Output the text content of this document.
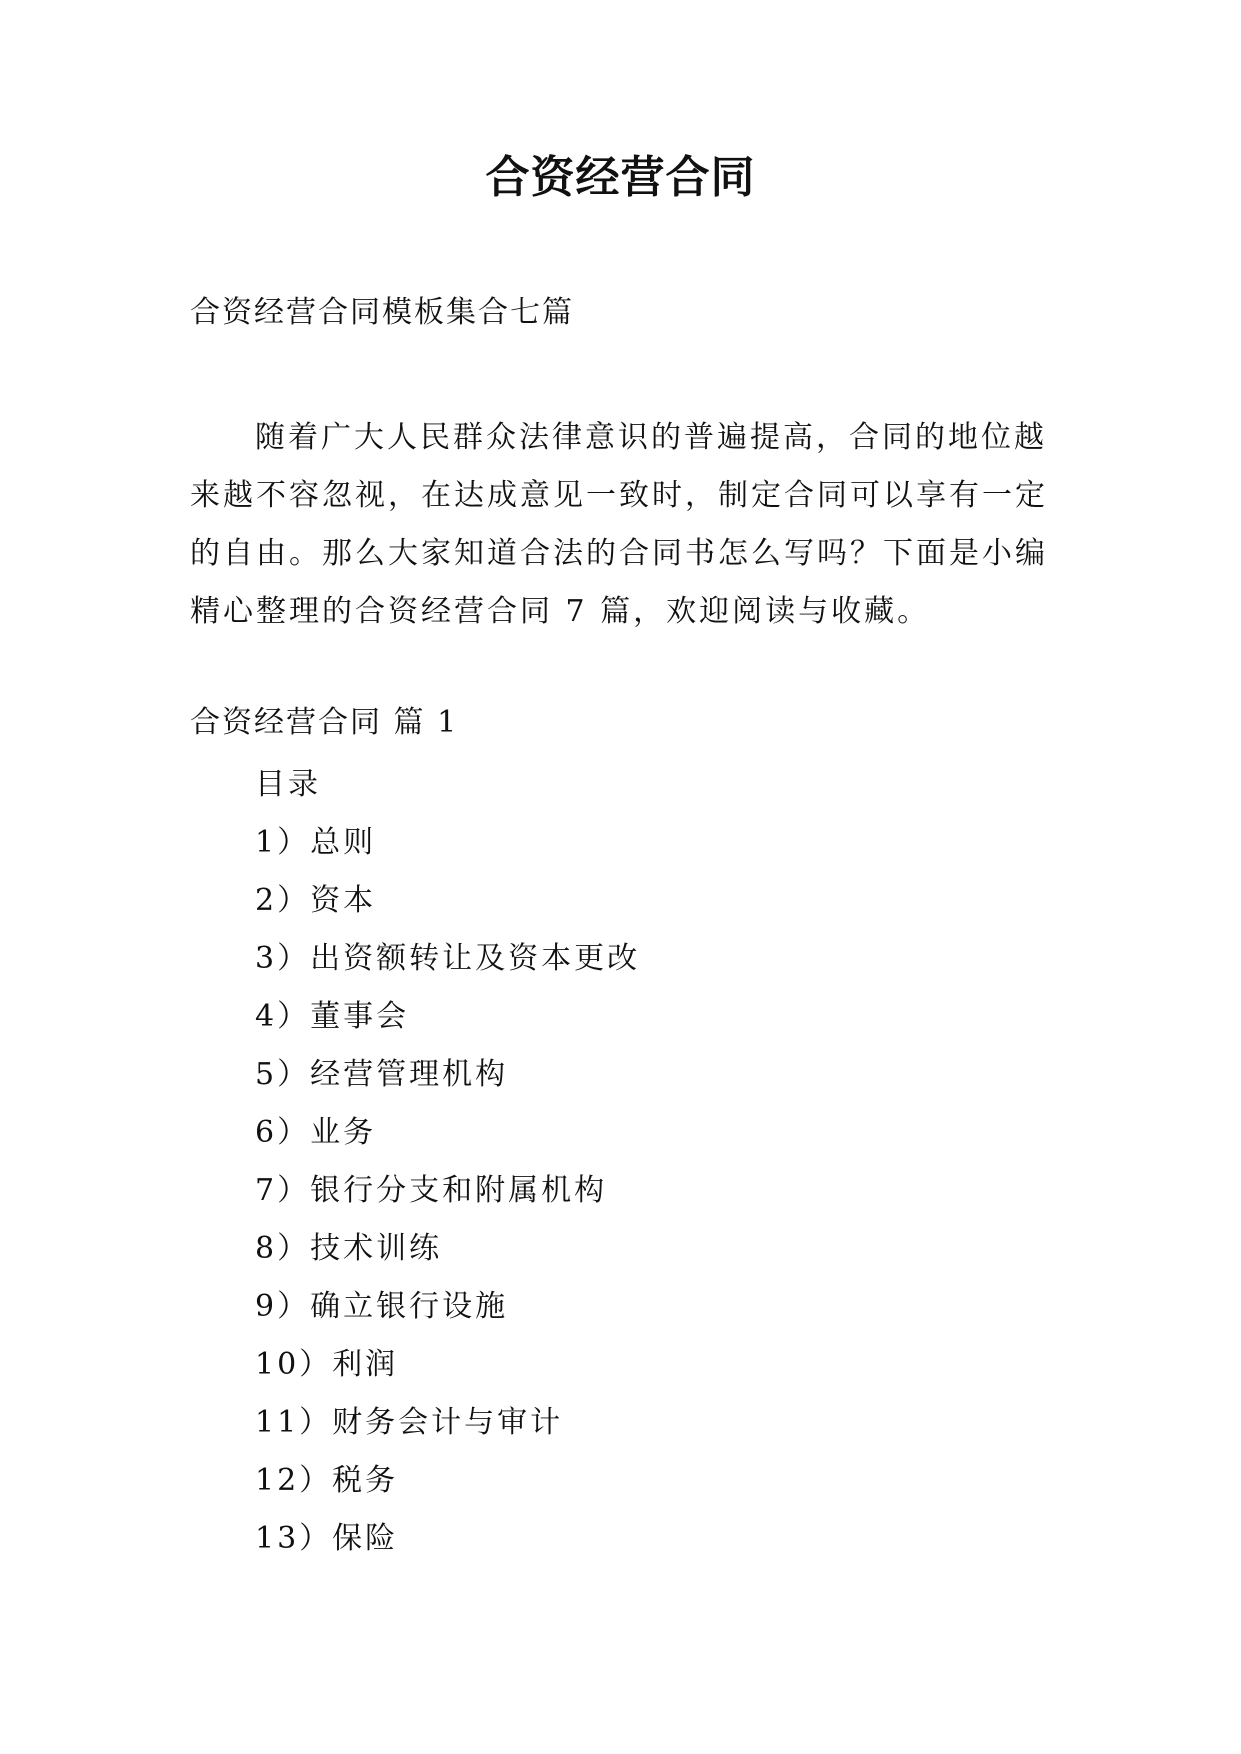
合资经营合同
合资经营合同模板集合七篇
随着广大人民群众法律意识的普遍提高，合同的地位越
来越不容忽视，在达成意见一致时，制定合同可以享有一定
的自由。那么大家知道合法的合同书怎么写吗？下面是小编
精心整理的合资经营合同 7 篇，欢迎阅读与收藏。
合资经营合同 篇 1
目录
1）总则
2）资本
3）出资额转让及资本更改
4）董事会
5）经营管理机构
6）业务
7）银行分支和附属机构
8）技术训练
9）确立银行设施
10）利润
11）财务会计与审计
12）税务
13）保险
